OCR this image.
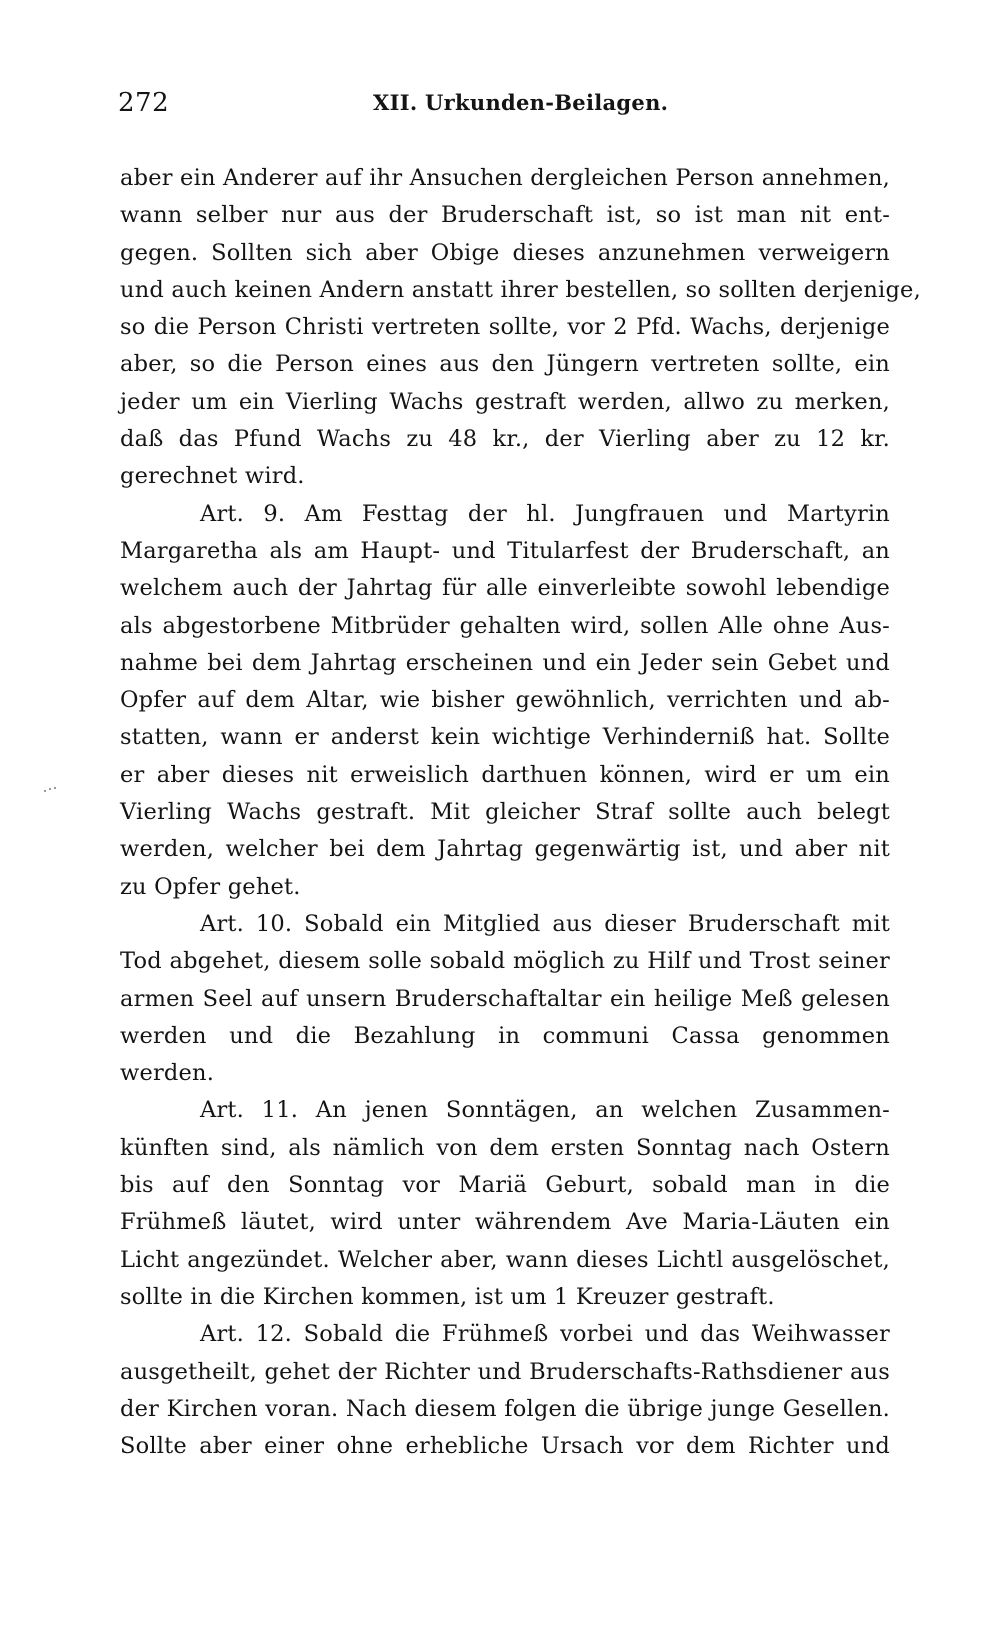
272	XII. Urkunden-Beilagen.
aber ein Anderer auf ihr Ansuchen dergleichen Person annehmen,
wann selber nur aus der Bruderschaft ist, so ist man nit ent-
gegen. Sollten sich aber Obige dieses anzunehmen verweigern
und auch keinen Andern anstatt ihrer bestellen, so sollten derjenige,
so die Person Christi vertreten sollte, vor 2 Pfd. Wachs, derjenige
aber, so die Person eines aus den Jüngern vertreten sollte, ein
jeder um ein Vierling Wachs gestraft werden, allwo zu merken,
daß das Pfund Wachs zu 48 kr., der Vierling aber zu 12 kr.
gerechnet wird.
Art. 9. Am Festtag der hl. Jungfrauen und Martyrin
Margaretha als am Haupt- und Titularfest der Bruderschaft, an
welchem auch der Jahrtag für alle einverleibte sowohl lebendige
als abgestorbene Mitbrüder gehalten wird, sollen Alle ohne Aus-
nahme bei dem Jahrtag erscheinen und ein Jeder sein Gebet und
Opfer auf dem Altar, wie bisher gewöhnlich, verrichten und ab-
statten, wann er anderst kein wichtige Verhinderniß hat. Sollte
er aber dieses nit erweislich darthuen können, wird er um ein
Vierling Wachs gestraft. Mit gleicher Straf sollte auch belegt
werden, welcher bei dem Jahrtag gegenwärtig ist, und aber nit
zu Opfer gehet.
Art. 10. Sobald ein Mitglied aus dieser Bruderschaft mit
Tod abgehet, diesem solle sobald möglich zu Hilf und Trost seiner
armen Seel auf unsern Bruderschaftaltar ein heilige Meß gelesen
werden und die Bezahlung in communi Cassa genommen
werden.
Art. 11. An jenen Sonntägen, an welchen Zusammen-
künften sind, als nämlich von dem ersten Sonntag nach Ostern
bis auf den Sonntag vor Mariä Geburt, sobald man in die
Frühmeß läutet, wird unter währendem Ave Maria-Läuten ein
Licht angezündet. Welcher aber, wann dieses Lichtl ausgelöschet,
sollte in die Kirchen kommen, ist um 1 Kreuzer gestraft.
Art. 12. Sobald die Frühmeß vorbei und das Weihwasser
ausgetheilt, gehet der Richter und Bruderschafts-Rathsdiener aus
der Kirchen voran. Nach diesem folgen die übrige junge Gesellen.
Sollte aber einer ohne erhebliche Ursach vor dem Richter und
